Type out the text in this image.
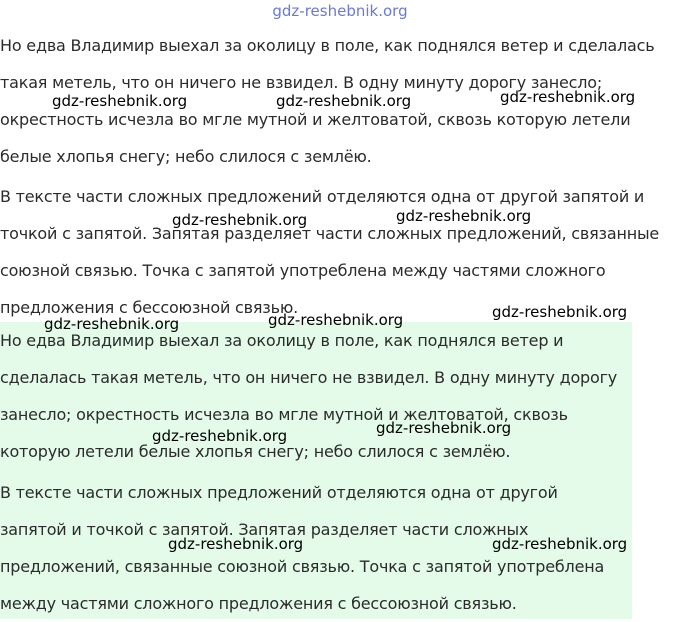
gdz-reshebnik.org

Но едва Владимир выехал за околицу в поле, как поднялся ветер и сделалась такая метель, что он ничего не взвидел. В одну минуту дорогу занесло; окрестность исчезла во мгле мутной и желтоватой, сквозь которую летели белые хлопья снегу; небо слилося с землёю.

В тексте части сложных предложений отделяются одна от другой запятой и точкой с запятой. Запятая разделяет части сложных предложений, связанные союзной связью. Точка с запятой употреблена между частями сложного предложения с бессоюзной связью.

Но едва Владимир выехал за околицу в поле, как поднялся ветер и сделалась такая метель, что он ничего не взвидел. В одну минуту дорогу занесло; окрестность исчезла во мгле мутной и желтоватой, сквозь которую летели белые хлопья снегу; небо слилося с землёю.

В тексте части сложных предложений отделяются одна от другой запятой и точкой с запятой. Запятая разделяет части сложных предложений, связанные союзной связью. Точка с запятой употреблена между частями сложного предложения с бессоюзной связью.

gdz-reshebnik.org	gdz-reshebnik.org	gdz-reshebnik.org
gdz-reshebnik.org	gdz-reshebnik.org
gdz-reshebnik.org	gdz-reshebnik.org	gdz-reshebnik.org
gdz-reshebnik.org	gdz-reshebnik.org
gdz-reshebnik.org	gdz-reshebnik.org
